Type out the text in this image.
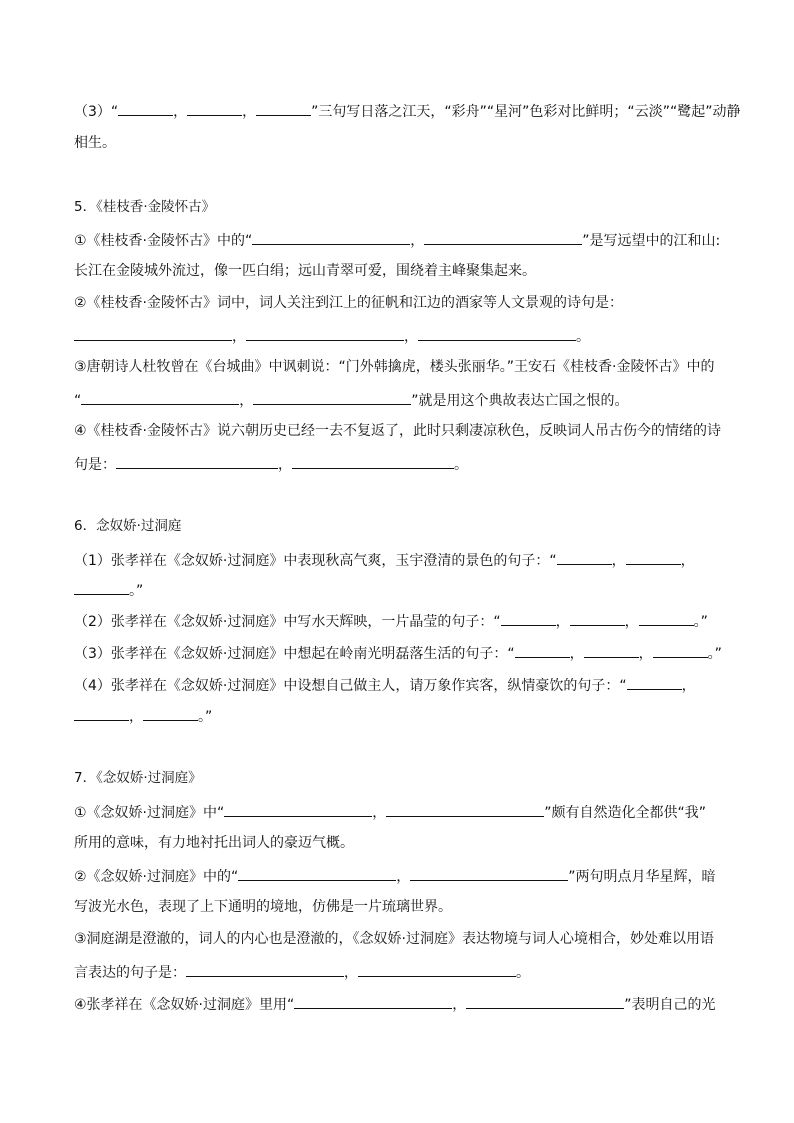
（3）“	，	，	”三句写日落之江天，“彩舟”“星河”色彩对比鲜明；“云淡”“鹭起”动静
相生。
5．《桂枝香·金陵怀古》
①《桂枝香·金陵怀古》中的“	，	”是写远望中的江和山:
长江在金陵城外流过，像一匹白绢；远山青翠可爱，围绕着主峰聚集起来。
②《桂枝香·金陵怀古》词中，词人关注到江上的征帆和江边的酒家等人文景观的诗句是：
，	，	。
③唐朝诗人杜牧曾在《台城曲》中讽刺说：“门外韩擒虎，楼头张丽华。”王安石《桂枝香·金陵怀古》中的
“	，	”就是用这个典故表达亡国之恨的。
④《桂枝香·金陵怀古》说六朝历史已经一去不复返了，此时只剩凄凉秋色，反映词人吊古伤今的情绪的诗
句是：	，	。
6．念奴娇·过洞庭
（1）张孝祥在《念奴娇·过洞庭》中表现秋高气爽，玉宇澄清的景色的句子：“	，	，
。”
（2）张孝祥在《念奴娇·过洞庭》中写水天辉映，一片晶莹的句子：“	，	，	。”
（3）张孝祥在《念奴娇·过洞庭》中想起在岭南光明磊落生活的句子：“	，	，	。”
（4）张孝祥在《念奴娇·过洞庭》中设想自己做主人，请万象作宾客，纵情豪饮的句子：“	，
，	。”
7．《念奴娇·过洞庭》
①《念奴娇·过洞庭》中“	，	”颇有自然造化全都供“我”
所用的意味，有力地衬托出词人的豪迈气概。
②《念奴娇·过洞庭》中的“	，	”两句明点月华星辉，暗
写波光水色，表现了上下通明的境地，仿佛是一片琉璃世界。
③洞庭湖是澄澈的，词人的内心也是澄澈的，《念奴娇·过洞庭》表达物境与词人心境相合，妙处难以用语
言表达的句子是：	，	。
④张孝祥在《念奴娇·过洞庭》里用“	，	”表明自己的光
